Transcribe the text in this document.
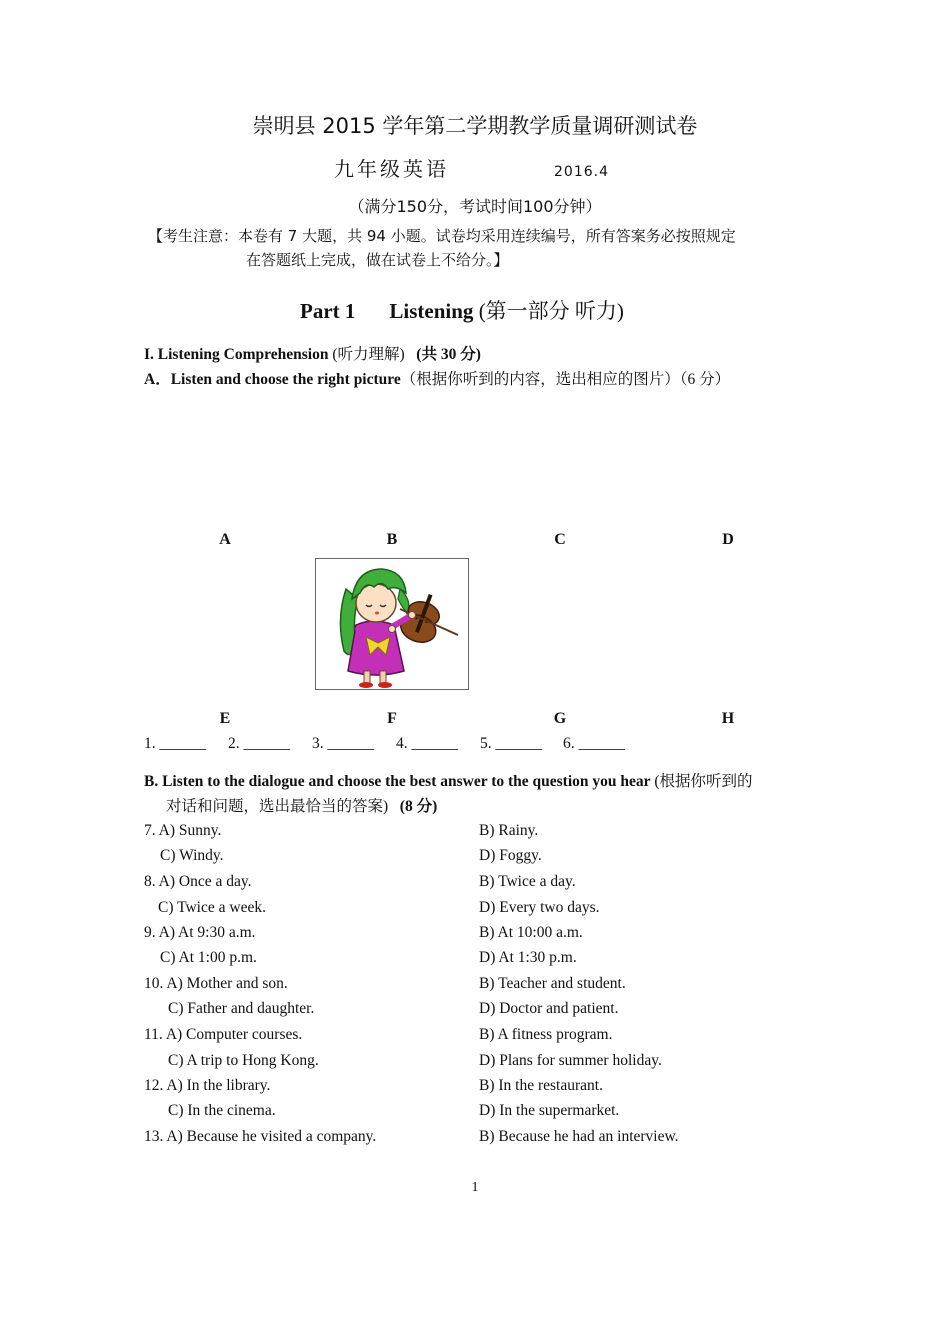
崇明县 2015 学年第二学期教学质量调研测试卷
九年级英语	2016.4
（满分150分，考试时间100分钟）
【考生注意：本卷有 7 大题，共 94 小题。试卷均采用连续编号，所有答案务必按照规定
在答题纸上完成，做在试卷上不给分。】
Part 1 Listening (第一部分 听力)
I. Listening Comprehension (听力理解) (共 30 分)
A．Listen and choose the right picture（根据你听到的内容，选出相应的图片）（6 分）
A	B	C	D
E	F	G	H
1. ______ 2. ______ 3. ______ 4. ______ 5. ______ 6. ______
B. Listen to the dialogue and choose the best answer to the question you hear (根据你听到的
对话和问题，选出最恰当的答案) (8 分)
7. A) Sunny.	B) Rainy.
C) Windy.	D) Foggy.
8. A) Once a day.	B) Twice a day.
C) Twice a week.	D) Every two days.
9. A) At 9:30 a.m.	B) At 10:00 a.m.
C) At 1:00 p.m.	D) At 1:30 p.m.
10. A) Mother and son.	B) Teacher and student.
C) Father and daughter.	D) Doctor and patient.
11. A) Computer courses.	B) A fitness program.
C) A trip to Hong Kong.	D) Plans for summer holiday.
12. A) In the library.	B) In the restaurant.
C) In the cinema.	D) In the supermarket.
13. A) Because he visited a company.	B) Because he had an interview.
1
